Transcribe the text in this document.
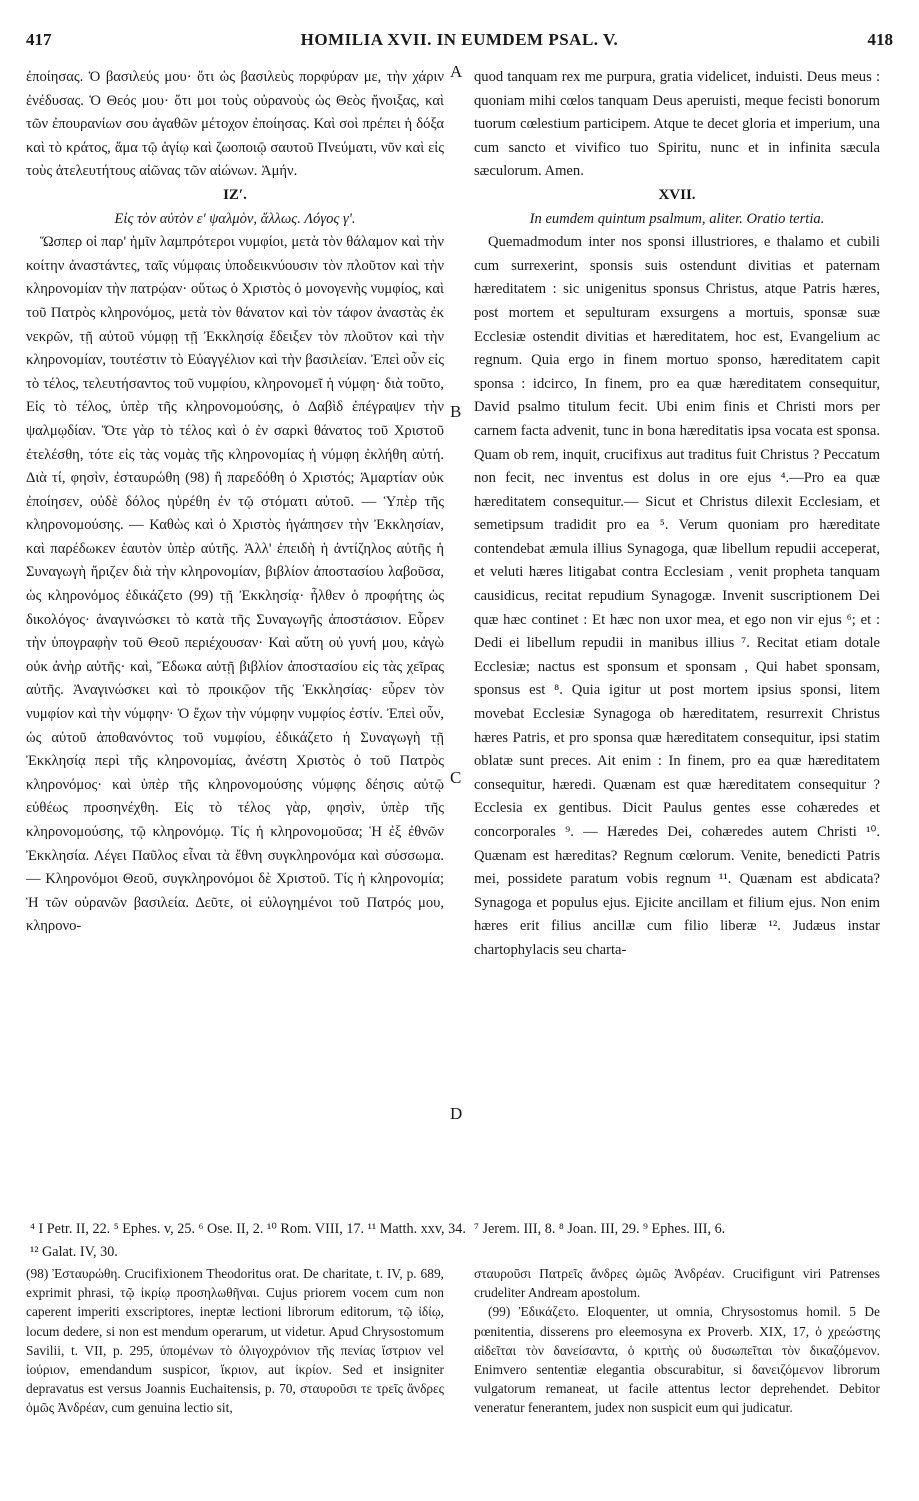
417	HOMILIA XVII. IN EUMDEM PSAL. V.	418

ἐποίησας. Ὁ βασιλεύς μου· ὅτι ὡς βασιλεὺς πορφύραν με, τὴν χάριν ἐνέδυσας. Ὁ Θεός μου· ὅτι μοι τοὺς οὐρανοὺς ὡς Θεὸς ἤνοιξας, καὶ τῶν ἐπουρανίων σου ἀγαθῶν μέτοχον ἐποίησας. Καὶ σοὶ πρέπει ἡ δόξα καὶ τὸ κράτος, ἅμα τῷ ἁγίῳ καὶ ζωοποιῷ σαυτοῦ Πνεύματι, νῦν καὶ εἰς τοὺς ἀτελευτήτους αἰῶνας τῶν αἰώνων. Ἀμήν.

ΙΖʹ.

Εἰς τὸν αὐτὸν εʹ ψαλμὸν, ἄλλως. Λόγος γʹ.

Ὥσπερ οἱ παρ' ἡμῖν λαμπρότεροι νυμφίοι, μετὰ τὸν θάλαμον καὶ τὴν κοίτην ἀναστάντες, ταῖς νύμφαις ὑποδεικνύουσιν τὸν πλοῦτον καὶ τὴν κληρονομίαν τὴν πατρῴαν· οὕτως ὁ Χριστὸς ὁ μονογενὴς νυμφίος, καὶ τοῦ Πατρὸς κληρονόμος, μετὰ τὸν θάνατον καὶ τὸν τάφον ἀναστὰς ἐκ νεκρῶν, τῇ αὐτοῦ νύμφῃ τῇ Ἐκκλησίᾳ ἔδειξεν τὸν πλοῦτον καὶ τὴν κληρονομίαν, τουτέστιν τὸ Εὐαγγέλιον καὶ τὴν βασιλείαν. Ἐπεὶ οὖν εἰς τὸ τέλος, τελευτήσαντος τοῦ νυμφίου, κληρονομεῖ ἡ νύμφη· διὰ τοῦτο, Εἰς τὸ τέλος, ὑπὲρ τῆς κληρονομούσης, ὁ Δαβὶδ ἐπέγραψεν τὴν ψαλμῳδίαν. Ὅτε γὰρ τὸ τέλος καὶ ὁ ἐν σαρκὶ θάνατος τοῦ Χριστοῦ ἐτελέσθη, τότε εἰς τὰς νομὰς τῆς κληρονομίας ἡ νύμφη ἐκλήθη αὐτή. Διὰ τί, φησὶν, ἐσταυρώθη (98) ἢ παρεδόθη ὁ Χριστός; Ἁμαρτίαν οὐκ ἐποίησεν, οὐδὲ δόλος ηὑρέθη ἐν τῷ στόματι αὐτοῦ. — Ὑπὲρ τῆς κληρονομούσης. — Καθὼς καὶ ὁ Χριστὸς ἠγάπησεν τὴν Ἐκκλησίαν, καὶ παρέδωκεν ἑαυτὸν ὑπὲρ αὐτῆς. Ἀλλ' ἐπειδὴ ἡ ἀντίζηλος αὐτῆς ἡ Συναγωγὴ ἤριζεν διὰ τὴν κληρονομίαν, βιβλίον ἀποστασίου λαβοῦσα, ὡς κληρονόμος ἐδικάζετο (99) τῇ Ἐκκλησίᾳ· ἦλθεν ὁ προφήτης ὡς δικολόγος· ἀναγινώσκει τὸ κατὰ τῆς Συναγωγῆς ἀποστάσιον. Εὗρεν τὴν ὑπογραφὴν τοῦ Θεοῦ περιέχουσαν· Καὶ αὕτη οὐ γυνή μου, κἀγὼ οὐκ ἀνὴρ αὐτῆς· καὶ, Ἔδωκα αὐτῇ βιβλίον ἀποστασίου εἰς τὰς χεῖρας αὐτῆς. Ἀναγινώσκει καὶ τὸ προικῷον τῆς Ἐκκλησίας· εὗρεν τὸν νυμφίον καὶ τὴν νύμφην· Ὁ ἔχων τὴν νύμφην νυμφίος ἐστίν. Ἐπεὶ οὖν, ὡς αὐτοῦ ἀποθανόντος τοῦ νυμφίου, ἐδικάζετο ἡ Συναγωγὴ τῇ Ἐκκλησίᾳ περὶ τῆς κληρονομίας, ἀνέστη Χριστὸς ὁ τοῦ Πατρὸς κληρονόμος· καὶ ὑπὲρ τῆς κληρονομούσης νύμφης δέησις αὐτῷ εὐθέως προσηνέχθη. Εἰς τὸ τέλος γὰρ, φησὶν, ὑπὲρ τῆς κληρονομούσης, τῷ κληρονόμῳ. Τίς ἡ κληρονομοῦσα; Ἡ ἐξ ἐθνῶν Ἐκκλησία. Λέγει Παῦλος εἶναι τὰ ἔθνη συγκληρονόμα καὶ σύσσωμα. — Κληρονόμοι Θεοῦ, συγκληρονόμοι δὲ Χριστοῦ. Τίς ἡ κληρονομία; Ἡ τῶν οὐρανῶν βασιλεία. Δεῦτε, οἱ εὐλογημένοι τοῦ Πατρός μου, κληρονο-

A
B
C
D

quod tanquam rex me purpura, gratia videlicet, induisti. Deus meus : quoniam mihi cœlos tanquam Deus aperuisti, meque fecisti bonorum tuorum cœlestium participem. Atque te decet gloria et imperium, una cum sancto et vivifico tuo Spiritu, nunc et in infinita sæcula sæculorum. Amen.

XVII.

In eumdem quintum psalmum, aliter. Oratio tertia.

Quemadmodum inter nos sponsi illustriores, e thalamo et cubili cum surrexerint, sponsis suis ostendunt divitias et paternam hæreditatem : sic unigenitus sponsus Christus, atque Patris hæres, post mortem et sepulturam exsurgens a mortuis, sponsæ suæ Ecclesiæ ostendit divitias et hæreditatem, hoc est, Evangelium ac regnum. Quia ergo in finem mortuo sponso, hæreditatem capit sponsa : idcirco, In finem, pro ea quæ hæreditatem consequitur, David psalmo titulum fecit. Ubi enim finis et Christi mors per carnem facta advenit, tunc in bona hæreditatis ipsa vocata est sponsa. Quam ob rem, inquit, crucifixus aut traditus fuit Christus ? Peccatum non fecit, nec inventus est dolus in ore ejus ⁴.—Pro ea quæ hæreditatem consequitur.— Sicut et Christus dilexit Ecclesiam, et semetipsum tradidit pro ea ⁵. Verum quoniam pro hæreditate contendebat æmula illius Synagoga, quæ libellum repudii acceperat, et veluti hæres litigabat contra Ecclesiam , venit propheta tanquam causidicus, recitat repudium Synagogæ. Invenit suscriptionem Dei quæ hæc continet : Et hæc non uxor mea, et ego non vir ejus ⁶; et : Dedi ei libellum repudii in manibus illius ⁷. Recitat etiam dotale Ecclesiæ; nactus est sponsum et sponsam , Qui habet sponsam, sponsus est ⁸. Quia igitur ut post mortem ipsius sponsi, litem movebat Ecclesiæ Synagoga ob hæreditatem, resurrexit Christus hæres Patris, et pro sponsa quæ hæreditatem consequitur, ipsi statim oblatæ sunt preces. Ait enim : In finem, pro ea quæ hæreditatem consequitur, hæredi. Quænam est quæ hæreditatem consequitur ? Ecclesia ex gentibus. Dicit Paulus gentes esse cohæredes et concorporales ⁹. — Hæredes Dei, cohæredes autem Christi ¹⁰. Quænam est hæreditas? Regnum cœlorum. Venite, benedicti Patris mei, possidete paratum vobis regnum ¹¹. Quænam est abdicata? Synagoga et populus ejus. Ejicite ancillam et filium ejus. Non enim hæres erit filius ancillæ cum filio liberæ ¹². Judæus instar chartophylacis seu charta-

⁴ I Petr. II, 22. ⁵ Ephes. v, 25. ⁶ Ose. II, 2. ¹⁰ Rom. VIII, 17. ¹¹ Matth. xxv, 34. ¹² Galat. IV, 30.
⁷ Jerem. III, 8. ⁸ Joan. III, 29. ⁹ Ephes. III, 6.

(98) Ἐσταυρώθη. Crucifixionem Theodoritus orat. De charitate, t. IV, p. 689, exprimit phrasi, τῷ ἰκρίῳ προσηλωθῆναι. Cujus priorem vocem cum non caperent imperiti exscriptores, ineptæ lectioni librorum editorum, τῷ ἰδίῳ, locum dedere, si non est mendum operarum, ut videtur. Apud Chrysostomum Savilii, t. VII, p. 295, ὑπομένων τὸ ὀλιγοχρόνιον τῆς πενίας ἴστριον vel ἰούριον, emendandum suspicor, ἴκριον, aut ἰκρίον. Sed et insigniter depravatus est versus Joannis Euchaitensis, p. 70, σταυροῦσι τε τρεῖς ἄνδρες ὁμῶς Ἀνδρέαν, cum genuina lectio sit,

σταυροῦσι Πατρεῖς ἄνδρες ὠμῶς Ἀνδρέαν. Crucifigunt viri Patrenses crudeliter Andream apostolum.

(99) Ἐδικάζετο. Eloquenter, ut omnia, Chrysostomus homil. 5 De pœnitentia, disserens pro eleemosyna ex Proverb. XIX, 17, ὁ χρεώστης αἰδεῖται τὸν δανείσαντα, ὁ κριτὴς οὐ δυσωπεῖται τὸν δικαζόμενον. Enimvero sententiæ elegantia obscurabitur, si δανειζόμενον librorum vulgatorum remaneat, ut facile attentus lector deprehendet. Debitor veneratur fenerantem, judex non suspicit eum qui judicatur.
